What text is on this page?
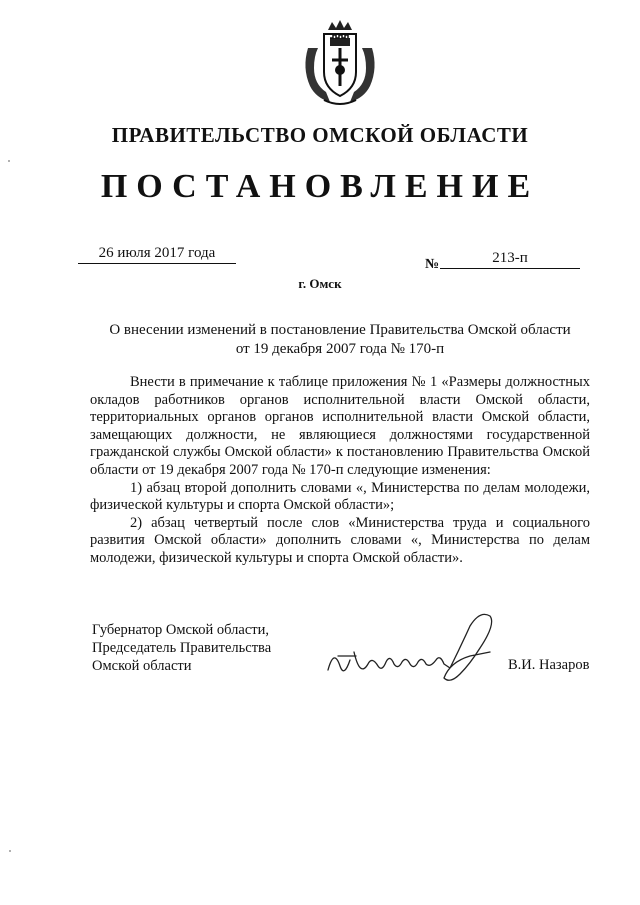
ПРАВИТЕЛЬСТВО ОМСКОЙ ОБЛАСТИ
ПОСТАНОВЛЕНИЕ
26 июля 2017 года
№	213-п
г. Омск
О внесении изменений в постановление Правительства Омской области
от 19 декабря 2007 года № 170-п

Внести в примечание к таблице приложения № 1 «Размеры должностных окладов работников органов исполнительной власти Омской области, территориальных органов органов исполнительной власти Омской области, замещающих должности, не являющиеся должностями государственной гражданской службы Омской области» к постановлению Правительства Омской области от 19 декабря 2007 года № 170-п следующие изменения:

1) абзац второй дополнить словами «, Министерства по делам молодежи, физической культуры и спорта Омской области»;

2) абзац четвертый после слов «Министерства труда и социального развития Омской области» дополнить словами «, Министерства по делам молодежи, физической культуры и спорта Омской области».

Губернатор Омской области,
Председатель Правительства
Омской области	В.И. Назаров
